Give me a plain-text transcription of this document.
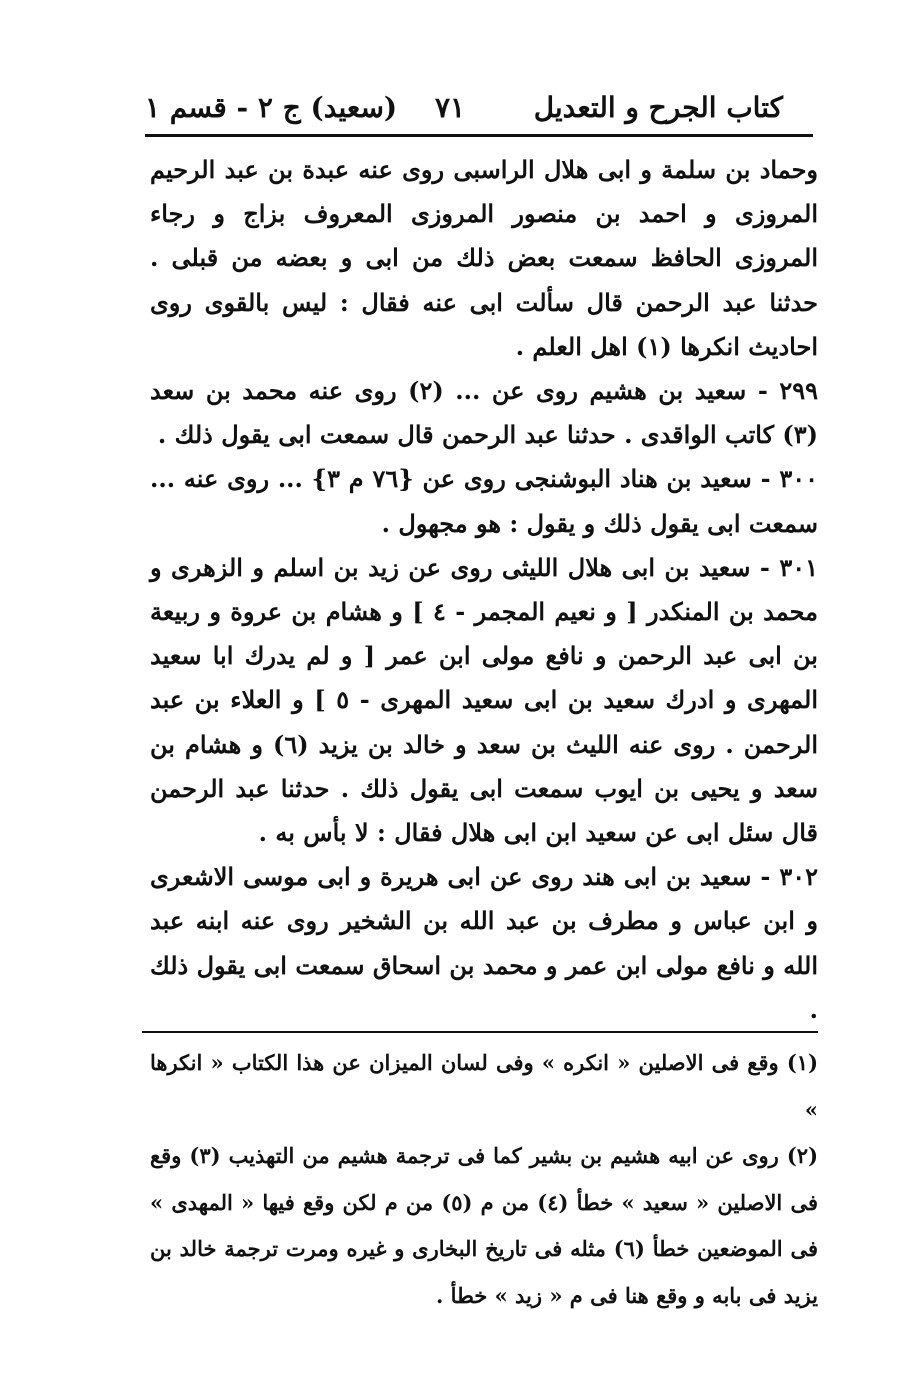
كتاب الجرح و التعديل
٧١
(سعيد) ج ٢ - قسم ١

وحماد بن سلمة و ابى هلال الراسبى روى عنه عبدة بن عبد الرحيم المروزى و احمد بن منصور المروزى المعروف بزاج و رجاء المروزى الحافظ سمعت بعض ذلك من ابى و بعضه من قبلى . حدثنا عبد الرحمن قال سألت ابى عنه فقال : ليس بالقوى روى احاديث انكرها (١) اهل العلم .

٢٩٩ - سعيد بن هشيم روى عن ... (٢) روى عنه محمد بن سعد (٣) كاتب الواقدى . حدثنا عبد الرحمن قال سمعت ابى يقول ذلك .

٣٠٠ - سعيد بن هناد البوشنجى روى عن {٧٦ م ٣} ... روى عنه ... سمعت ابى يقول ذلك و يقول : هو مجهول .

٣٠١ - سعيد بن ابى هلال الليثى روى عن زيد بن اسلم و الزهرى و محمد بن المنكدر [ و نعيم المجمر - ٤ ] و هشام بن عروة و ربيعة بن ابى عبد الرحمن و نافع مولى ابن عمر [ و لم يدرك ابا سعيد المهرى و ادرك سعيد بن ابى سعيد المهرى - ٥ ] و العلاء بن عبد الرحمن . روى عنه الليث بن سعد و خالد بن يزيد (٦) و هشام بن سعد و يحيى بن ايوب سمعت ابى يقول ذلك . حدثنا عبد الرحمن قال سئل ابى عن سعيد ابن ابى هلال فقال : لا بأس به .

٣٠٢ - سعيد بن ابى هند روى عن ابى هريرة و ابى موسى الاشعرى و ابن عباس و مطرف بن عبد الله بن الشخير روى عنه ابنه عبد الله و نافع مولى ابن عمر و محمد بن اسحاق سمعت ابى يقول ذلك .

(١) وقع فى الاصلين « انكره » وفى لسان الميزان عن هذا الكتاب « انكرها »

(٢) روى عن ابيه هشيم بن بشير كما فى ترجمة هشيم من التهذيب (٣) وقع فى الاصلين « سعيد » خطأ (٤) من م (٥) من م لكن وقع فيها « المهدى » فى الموضعين خطأ (٦) مثله فى تاريخ البخارى و غيره ومرت ترجمة خالد بن يزيد فى بابه و وقع هنا فى م « زيد » خطأ .
